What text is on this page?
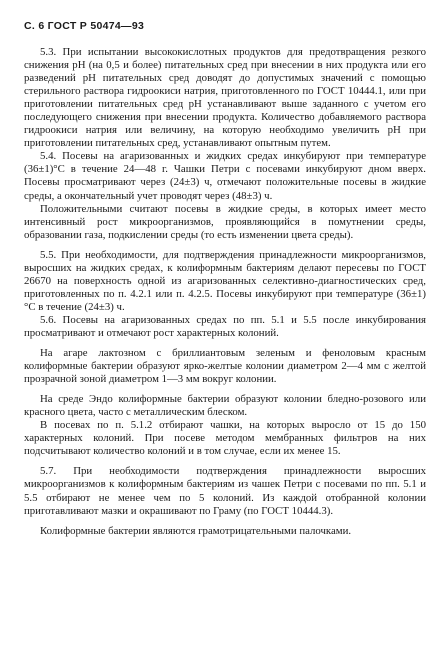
С. 6 ГОСТ Р 50474—93

5.3. При испытании высококислотных продуктов для предотвращения резкого снижения pH (на 0,5 и более) питательных сред при внесении в них продукта или его разведений pH питательных сред доводят до допустимых значений с помощью стерильного раствора гидроокиси натрия, приготовленного по ГОСТ 10444.1, или при приготовлении питательных сред pH устанавливают выше заданного с учетом его последующего снижения при внесении продукта. Количество добавляемого раствора гидроокиси натрия или величину, на которую необходимо увеличить pH при приготовлении питательных сред, устанавливают опытным путем.

5.4. Посевы на агаризованных и жидких средах инкубируют при температуре (36±1)°С в течение 24—48 г. Чашки Петри с посевами инкубируют дном вверх. Посевы просматривают через (24±3) ч, отмечают положительные посевы в жидкие среды, а окончательный учет проводят через (48±3) ч.

Положительными считают посевы в жидкие среды, в которых имеет место интенсивный рост микроорганизмов, проявляющийся в помутнении среды, образовании газа, подкислении среды (то есть изменении цвета среды).

5.5. При необходимости, для подтверждения принадлежности микроорганизмов, выросших на жидких средах, к колиформным бактериям делают пересевы по ГОСТ 26670 на поверхность одной из агаризованных селективно-диагностических сред, приготовленных по п. 4.2.1 или п. 4.2.5. Посевы инкубируют при температуре (36±1)°С в течение (24±3) ч.

5.6. Посевы на агаризованных средах по пп. 5.1 и 5.5 после инкубирования просматривают и отмечают рост характерных колоний.

На агаре лактозном с бриллиантовым зеленым и феноловым красным колиформные бактерии образуют ярко-желтые колонии диаметром 2—4 мм с желтой прозрачной зоной диаметром 1—3 мм вокруг колонии.

На среде Эндо колиформные бактерии образуют колонии бледно-розового или красного цвета, часто с металлическим блеском.

В посевах по п. 5.1.2 отбирают чашки, на которых выросло от 15 до 150 характерных колоний. При посеве методом мембранных фильтров на них подсчитывают количество колоний и в том случае, если их менее 15.

5.7. При необходимости подтверждения принадлежности выросших микроорганизмов к колиформным бактериям из чашек Петри с посевами по пп. 5.1 и 5.5 отбирают не менее чем по 5 колоний. Из каждой отобранной колонии приготавливают мазки и окрашивают по Граму (по ГОСТ 10444.3).

Колиформные бактерии являются грамотрицательными палочками.
